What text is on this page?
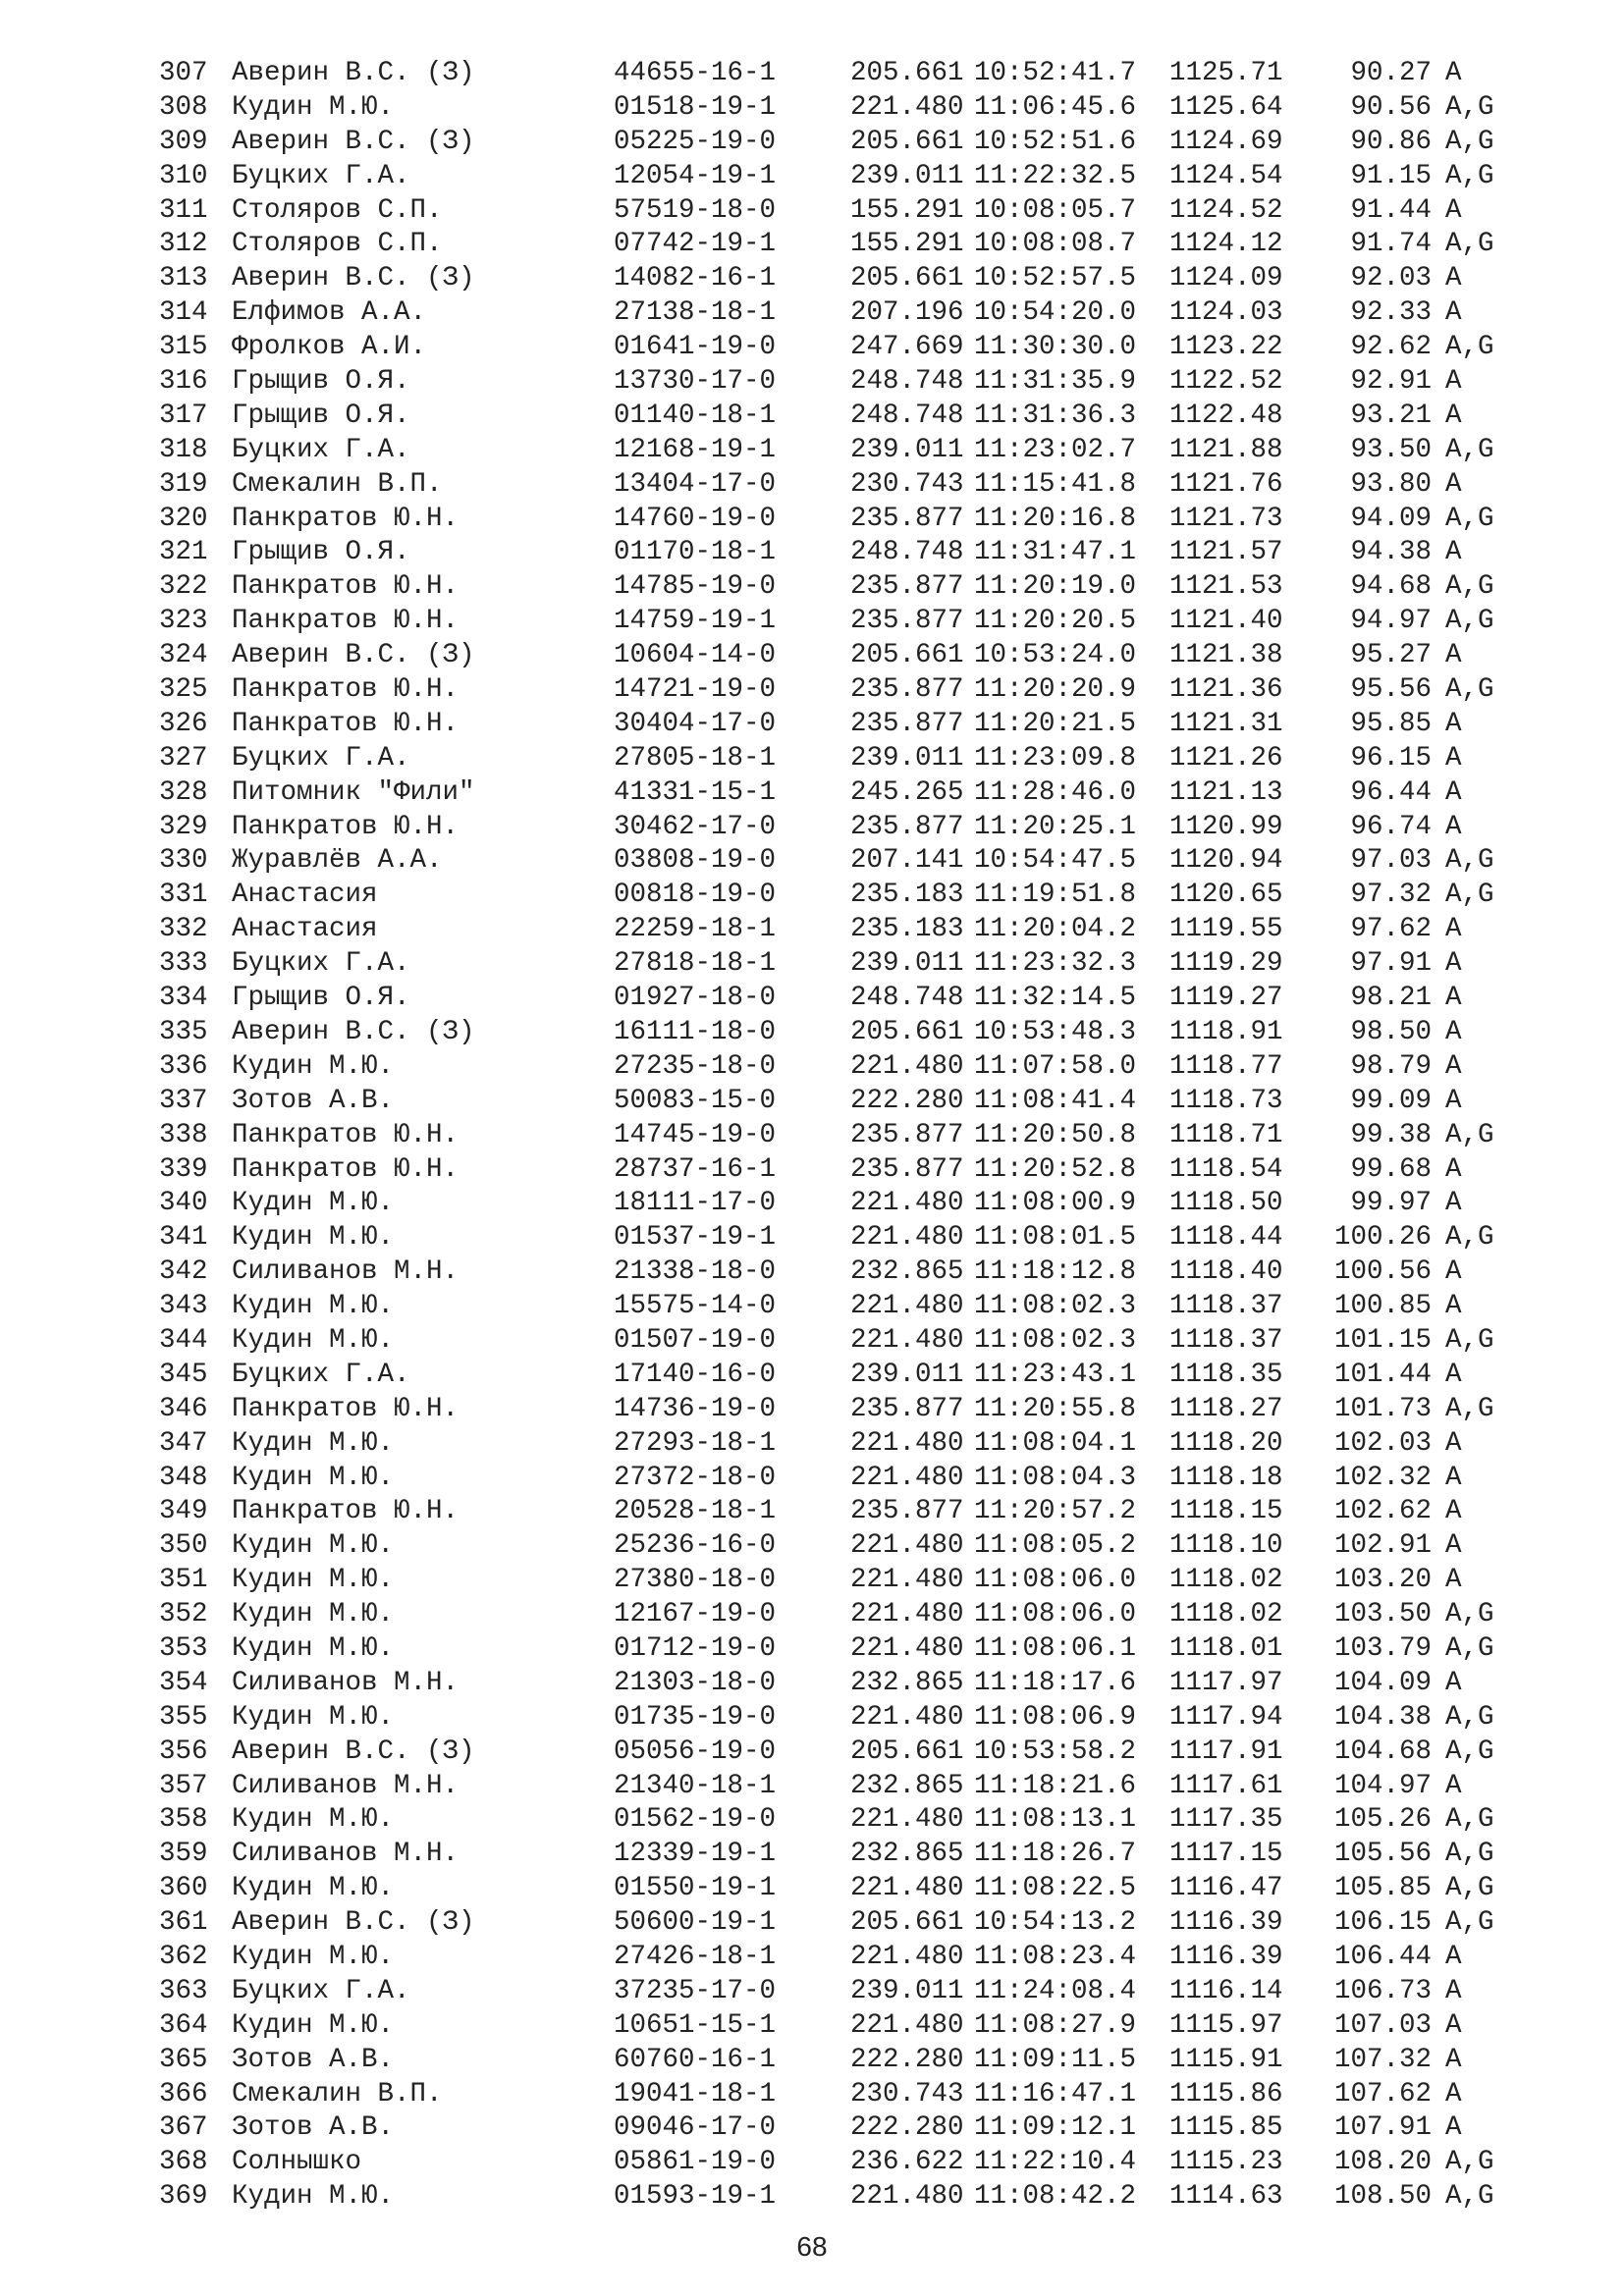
307 Аверин В.С. (З)	44655-16-1	205.661 10:52:41.7	1125.71	90.27 A
308 Кудин М.Ю.	01518-19-1	221.480 11:06:45.6	1125.64	90.56 A,G
309 Аверин В.С. (З)	05225-19-0	205.661 10:52:51.6	1124.69	90.86 A,G
310 Буцких Г.А.	12054-19-1	239.011 11:22:32.5	1124.54	91.15 A,G
311 Столяров С.П.	57519-18-0	155.291 10:08:05.7	1124.52	91.44 A
312 Столяров С.П.	07742-19-1	155.291 10:08:08.7	1124.12	91.74 A,G
313 Аверин В.С. (З)	14082-16-1	205.661 10:52:57.5	1124.09	92.03 A
314 Елфимов А.А.	27138-18-1	207.196 10:54:20.0	1124.03	92.33 A
315 Фролков А.И.	01641-19-0	247.669 11:30:30.0	1123.22	92.62 A,G
316 Грыщив О.Я.	13730-17-0	248.748 11:31:35.9	1122.52	92.91 A
317 Грыщив О.Я.	01140-18-1	248.748 11:31:36.3	1122.48	93.21 A
318 Буцких Г.А.	12168-19-1	239.011 11:23:02.7	1121.88	93.50 A,G
319 Смекалин В.П.	13404-17-0	230.743 11:15:41.8	1121.76	93.80 A
320 Панкратов Ю.Н.	14760-19-0	235.877 11:20:16.8	1121.73	94.09 A,G
321 Грыщив О.Я.	01170-18-1	248.748 11:31:47.1	1121.57	94.38 A
322 Панкратов Ю.Н.	14785-19-0	235.877 11:20:19.0	1121.53	94.68 A,G
323 Панкратов Ю.Н.	14759-19-1	235.877 11:20:20.5	1121.40	94.97 A,G
324 Аверин В.С. (З)	10604-14-0	205.661 10:53:24.0	1121.38	95.27 A
325 Панкратов Ю.Н.	14721-19-0	235.877 11:20:20.9	1121.36	95.56 A,G
326 Панкратов Ю.Н.	30404-17-0	235.877 11:20:21.5	1121.31	95.85 A
327 Буцких Г.А.	27805-18-1	239.011 11:23:09.8	1121.26	96.15 A
328 Питомник "Фили"	41331-15-1	245.265 11:28:46.0	1121.13	96.44 A
329 Панкратов Ю.Н.	30462-17-0	235.877 11:20:25.1	1120.99	96.74 A
330 Журавлёв А.А.	03808-19-0	207.141 10:54:47.5	1120.94	97.03 A,G
331 Анастасия	00818-19-0	235.183 11:19:51.8	1120.65	97.32 A,G
332 Анастасия	22259-18-1	235.183 11:20:04.2	1119.55	97.62 A
333 Буцких Г.А.	27818-18-1	239.011 11:23:32.3	1119.29	97.91 A
334 Грыщив О.Я.	01927-18-0	248.748 11:32:14.5	1119.27	98.21 A
335 Аверин В.С. (З)	16111-18-0	205.661 10:53:48.3	1118.91	98.50 A
336 Кудин М.Ю.	27235-18-0	221.480 11:07:58.0	1118.77	98.79 A
337 Зотов А.В.	50083-15-0	222.280 11:08:41.4	1118.73	99.09 A
338 Панкратов Ю.Н.	14745-19-0	235.877 11:20:50.8	1118.71	99.38 A,G
339 Панкратов Ю.Н.	28737-16-1	235.877 11:20:52.8	1118.54	99.68 A
340 Кудин М.Ю.	18111-17-0	221.480 11:08:00.9	1118.50	99.97 A
341 Кудин М.Ю.	01537-19-1	221.480 11:08:01.5	1118.44	100.26 A,G
342 Силиванов М.Н.	21338-18-0	232.865 11:18:12.8	1118.40	100.56 A
343 Кудин М.Ю.	15575-14-0	221.480 11:08:02.3	1118.37	100.85 A
344 Кудин М.Ю.	01507-19-0	221.480 11:08:02.3	1118.37	101.15 A,G
345 Буцких Г.А.	17140-16-0	239.011 11:23:43.1	1118.35	101.44 A
346 Панкратов Ю.Н.	14736-19-0	235.877 11:20:55.8	1118.27	101.73 A,G
347 Кудин М.Ю.	27293-18-1	221.480 11:08:04.1	1118.20	102.03 A
348 Кудин М.Ю.	27372-18-0	221.480 11:08:04.3	1118.18	102.32 A
349 Панкратов Ю.Н.	20528-18-1	235.877 11:20:57.2	1118.15	102.62 A
350 Кудин М.Ю.	25236-16-0	221.480 11:08:05.2	1118.10	102.91 A
351 Кудин М.Ю.	27380-18-0	221.480 11:08:06.0	1118.02	103.20 A
352 Кудин М.Ю.	12167-19-0	221.480 11:08:06.0	1118.02	103.50 A,G
353 Кудин М.Ю.	01712-19-0	221.480 11:08:06.1	1118.01	103.79 A,G
354 Силиванов М.Н.	21303-18-0	232.865 11:18:17.6	1117.97	104.09 A
355 Кудин М.Ю.	01735-19-0	221.480 11:08:06.9	1117.94	104.38 A,G
356 Аверин В.С. (З)	05056-19-0	205.661 10:53:58.2	1117.91	104.68 A,G
357 Силиванов М.Н.	21340-18-1	232.865 11:18:21.6	1117.61	104.97 A
358 Кудин М.Ю.	01562-19-0	221.480 11:08:13.1	1117.35	105.26 A,G
359 Силиванов М.Н.	12339-19-1	232.865 11:18:26.7	1117.15	105.56 A,G
360 Кудин М.Ю.	01550-19-1	221.480 11:08:22.5	1116.47	105.85 A,G
361 Аверин В.С. (З)	50600-19-1	205.661 10:54:13.2	1116.39	106.15 A,G
362 Кудин М.Ю.	27426-18-1	221.480 11:08:23.4	1116.39	106.44 A
363 Буцких Г.А.	37235-17-0	239.011 11:24:08.4	1116.14	106.73 A
364 Кудин М.Ю.	10651-15-1	221.480 11:08:27.9	1115.97	107.03 A
365 Зотов А.В.	60760-16-1	222.280 11:09:11.5	1115.91	107.32 A
366 Смекалин В.П.	19041-18-1	230.743 11:16:47.1	1115.86	107.62 A
367 Зотов А.В.	09046-17-0	222.280 11:09:12.1	1115.85	107.91 A
368 Солнышко	05861-19-0	236.622 11:22:10.4	1115.23	108.20 A,G
369 Кудин М.Ю.	01593-19-1	221.480 11:08:42.2	1114.63	108.50 A,G
68
